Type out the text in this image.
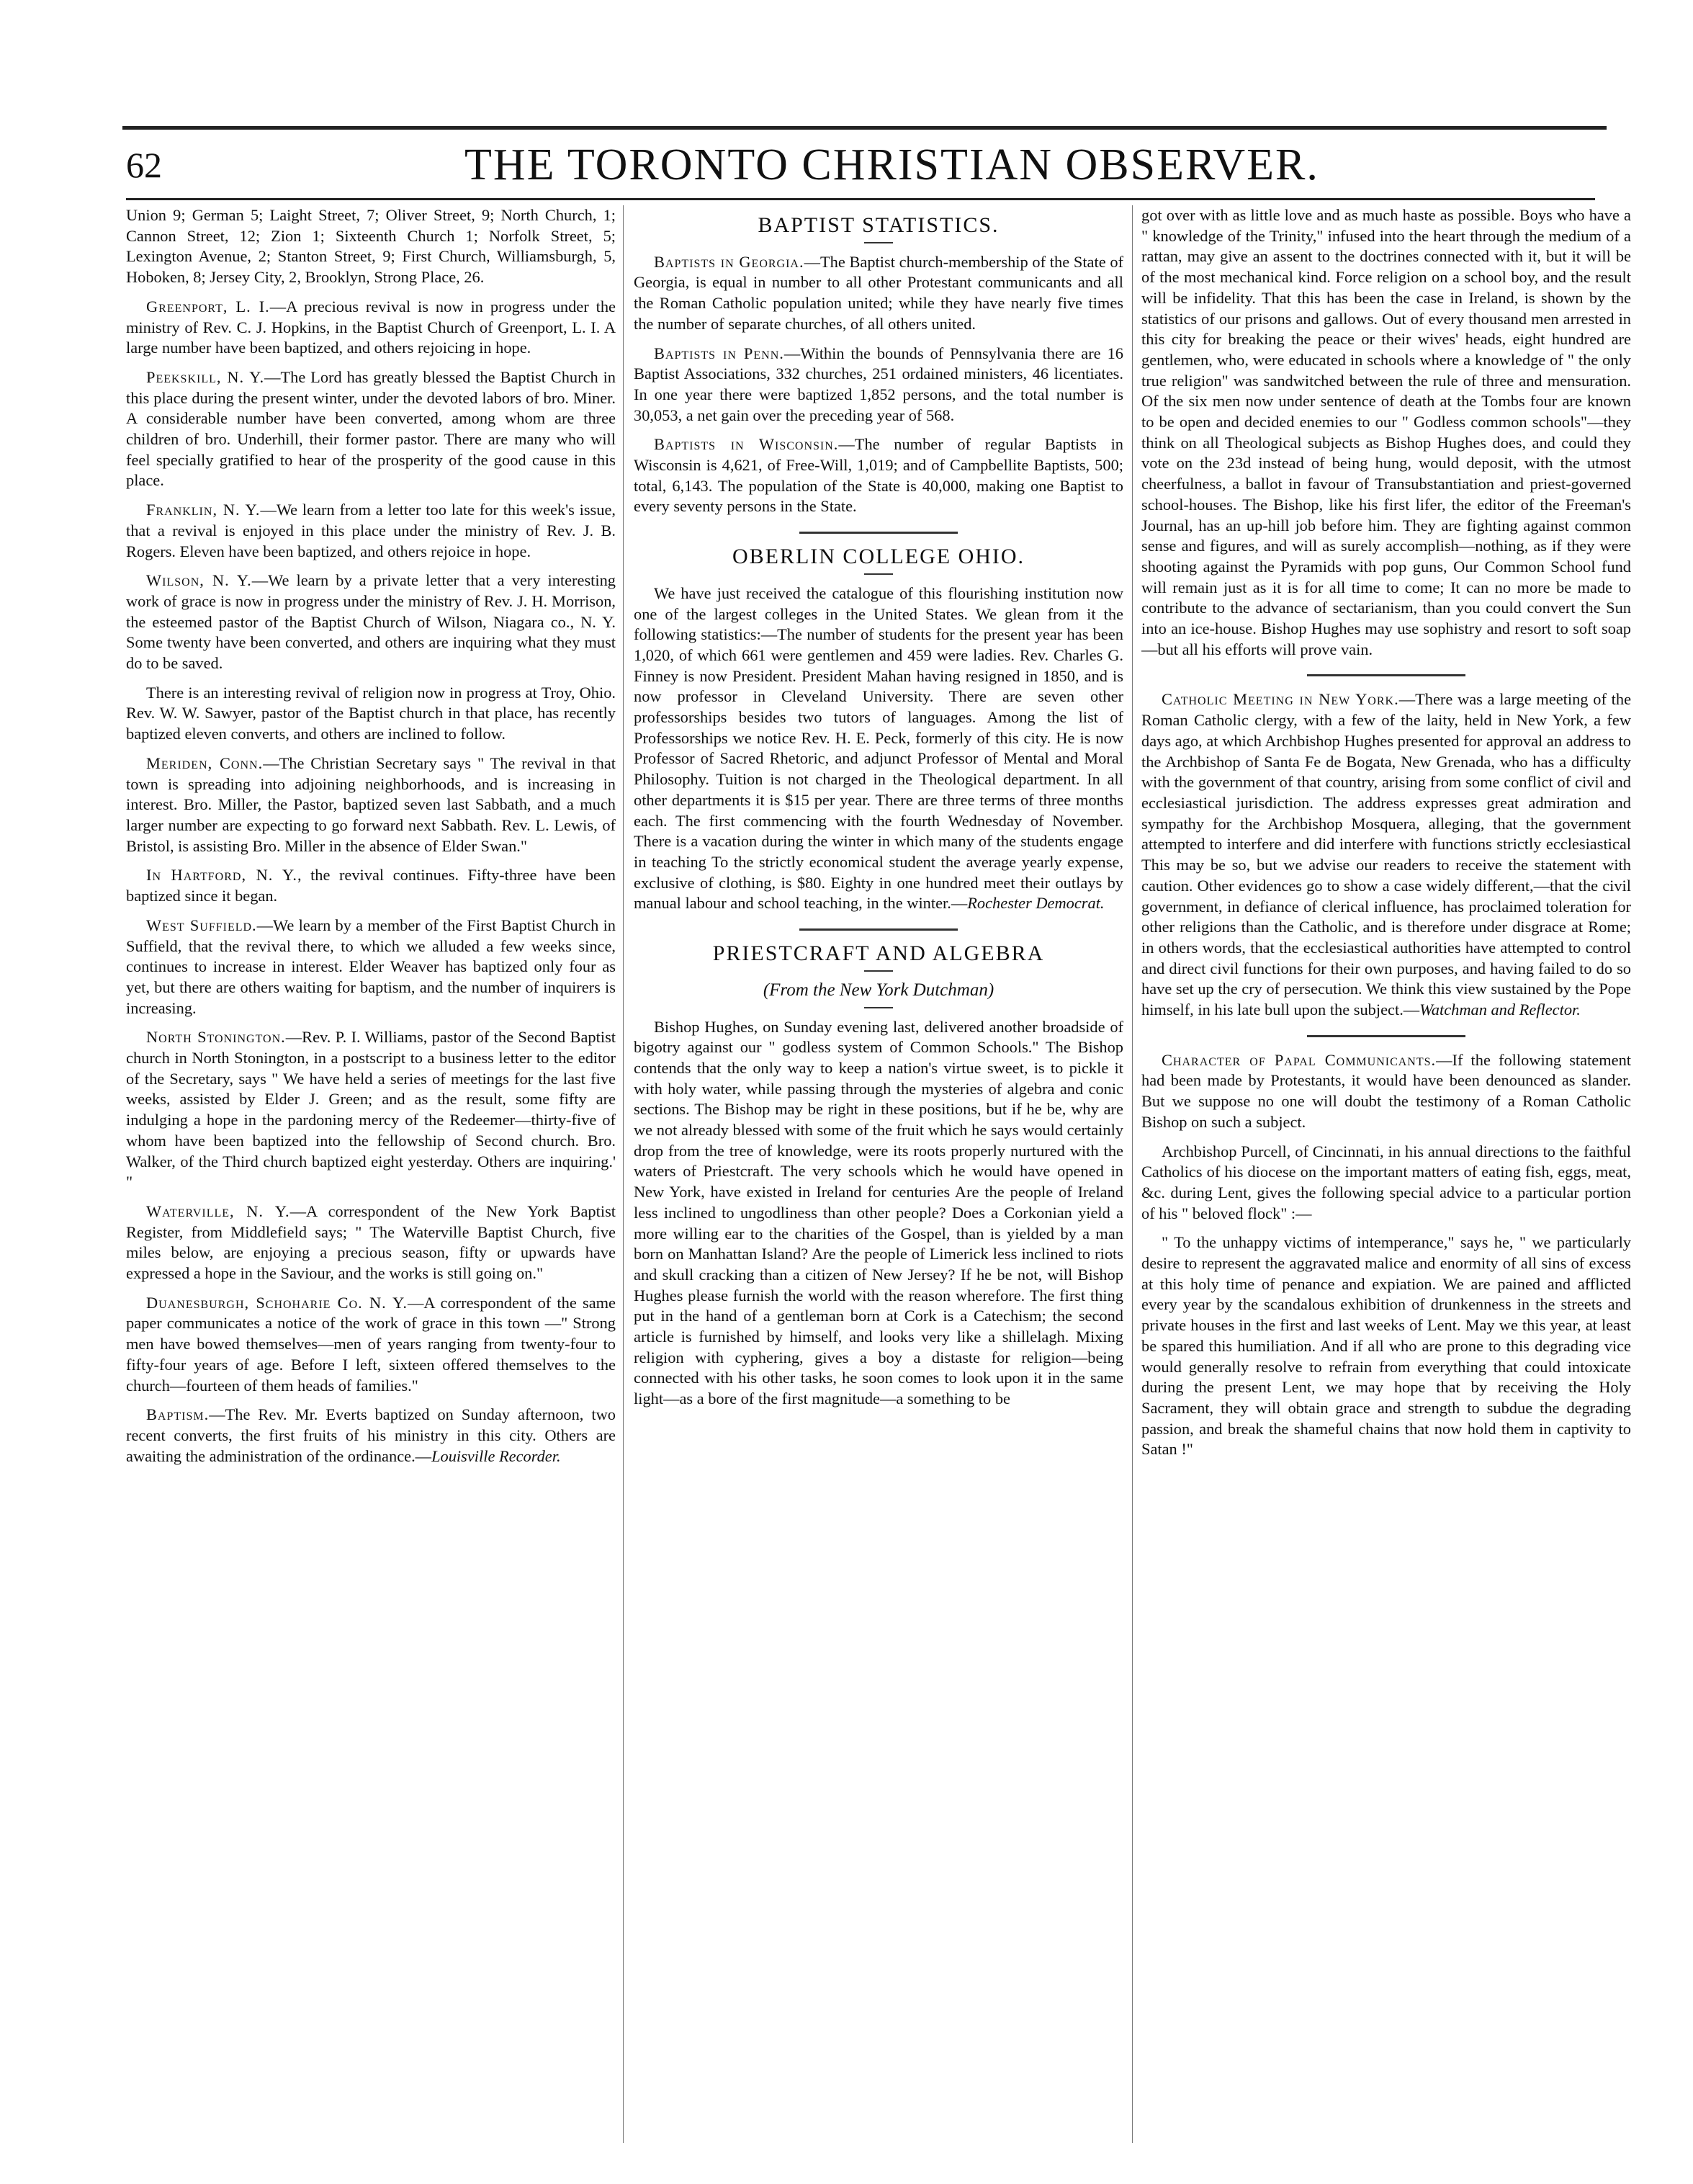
62	THE TORONTO CHRISTIAN OBSERVER.

Union 9; German 5; Laight Street, 7; Oliver Street, 9; North Church, 1; Cannon Street, 12; Zion 1; Sixteenth Church 1; Norfolk Street, 5; Lexington Avenue, 2; Stanton Street, 9; First Church, Williamsburgh, 5, Hoboken, 8; Jersey City, 2, Brooklyn, Strong Place, 26.

Greenport, L. I.—A precious revival is now in progress under the ministry of Rev. C. J. Hopkins, in the Baptist Church of Greenport, L. I. A large number have been baptized, and others rejoicing in hope.

Peekskill, N. Y.—The Lord has greatly blessed the Baptist Church in this place during the present winter, under the devoted labors of bro. Miner. A considerable number have been converted, among whom are three children of bro. Underhill, their former pastor. There are many who will feel specially gratified to hear of the prosperity of the good cause in this place.

Franklin, N. Y.—We learn from a letter too late for this week's issue, that a revival is enjoyed in this place under the ministry of Rev. J. B. Rogers. Eleven have been baptized, and others rejoice in hope.

Wilson, N. Y.—We learn by a private letter that a very interesting work of grace is now in progress under the ministry of Rev. J. H. Morrison, the esteemed pastor of the Baptist Church of Wilson, Niagara co., N. Y. Some twenty have been converted, and others are inquiring what they must do to be saved.

There is an interesting revival of religion now in progress at Troy, Ohio. Rev. W. W. Sawyer, pastor of the Baptist church in that place, has recently baptized eleven converts, and others are inclined to follow.

Meriden, Conn.—The Christian Secretary says " The revival in that town is spreading into adjoining neighborhoods, and is increasing in interest. Bro. Miller, the Pastor, baptized seven last Sabbath, and a much larger number are expecting to go forward next Sabbath. Rev. L. Lewis, of Bristol, is assisting Bro. Miller in the absence of Elder Swan."

In Hartford, N. Y., the revival continues. Fifty-three have been baptized since it began.

West Suffield.—We learn by a member of the First Baptist Church in Suffield, that the revival there, to which we alluded a few weeks since, continues to increase in interest. Elder Weaver has baptized only four as yet, but there are others waiting for baptism, and the number of inquirers is increasing.

North Stonington.—Rev. P. I. Williams, pastor of the Second Baptist church in North Stonington, in a postscript to a business letter to the editor of the Secretary, says " We have held a series of meetings for the last five weeks, assisted by Elder J. Green; and as the result, some fifty are indulging a hope in the pardoning mercy of the Redeemer—thirty-five of whom have been baptized into the fellowship of Second church. Bro. Walker, of the Third church baptized eight yesterday. Others are inquiring.' "

Waterville, N. Y.—A correspondent of the New York Baptist Register, from Middlefield says; " The Waterville Baptist Church, five miles below, are enjoying a precious season, fifty or upwards have expressed a hope in the Saviour, and the works is still going on."

Duanesburgh, Schoharie Co. N. Y.—A correspondent of the same paper communicates a notice of the work of grace in this town —" Strong men have bowed themselves—men of years ranging from twenty-four to fifty-four years of age. Before I left, sixteen offered themselves to the church—fourteen of them heads of families."

Baptism.—The Rev. Mr. Everts baptized on Sunday afternoon, two recent converts, the first fruits of his ministry in this city. Others are awaiting the administration of the ordinance.—Louisville Recorder.

BAPTIST STATISTICS.

Baptists in Georgia.—The Baptist church-membership of the State of Georgia, is equal in number to all other Protestant communicants and all the Roman Catholic population united; while they have nearly five times the number of separate churches, of all others united.

Baptists in Penn.—Within the bounds of Pennsylvania there are 16 Baptist Associations, 332 churches, 251 ordained ministers, 46 licentiates. In one year there were baptized 1,852 persons, and the total number is 30,053, a net gain over the preceding year of 568.

Baptists in Wisconsin.—The number of regular Baptists in Wisconsin is 4,621, of Free-Will, 1,019; and of Campbellite Baptists, 500; total, 6,143. The population of the State is 40,000, making one Baptist to every seventy persons in the State.

OBERLIN COLLEGE OHIO.

We have just received the catalogue of this flourishing institution now one of the largest colleges in the United States. We glean from it the following statistics:—The number of students for the present year has been 1,020, of which 661 were gentlemen and 459 were ladies. Rev. Charles G. Finney is now President. President Mahan having resigned in 1850, and is now professor in Cleveland University. There are seven other professorships besides two tutors of languages. Among the list of Professorships we notice Rev. H. E. Peck, formerly of this city. He is now Professor of Sacred Rhetoric, and adjunct Professor of Mental and Moral Philosophy. Tuition is not charged in the Theological department. In all other departments it is $15 per year. There are three terms of three months each. The first commencing with the fourth Wednesday of November. There is a vacation during the winter in which many of the students engage in teaching To the strictly economical student the average yearly expense, exclusive of clothing, is $80. Eighty in one hundred meet their outlays by manual labour and school teaching, in the winter.—Rochester Democrat.

PRIESTCRAFT AND ALGEBRA
(From the New York Dutchman)

Bishop Hughes, on Sunday evening last, delivered another broadside of bigotry against our " godless system of Common Schools." The Bishop contends that the only way to keep a nation's virtue sweet, is to pickle it with holy water, while passing through the mysteries of algebra and conic sections. The Bishop may be right in these positions, but if he be, why are we not already blessed with some of the fruit which he says would certainly drop from the tree of knowledge, were its roots properly nurtured with the waters of Priestcraft. The very schools which he would have opened in New York, have existed in Ireland for centuries Are the people of Ireland less inclined to ungodliness than other people? Does a Corkonian yield a more willing ear to the charities of the Gospel, than is yielded by a man born on Manhattan Island? Are the people of Limerick less inclined to riots and skull cracking than a citizen of New Jersey? If he be not, will Bishop Hughes please furnish the world with the reason wherefore. The first thing put in the hand of a gentleman born at Cork is a Catechism; the second article is furnished by himself, and looks very like a shillelagh. Mixing religion with cyphering, gives a boy a distaste for religion—being connected with his other tasks, he soon comes to look upon it in the same light—as a bore of the first magnitude—a something to be

got over with as little love and as much haste as possible. Boys who have a " knowledge of the Trinity," infused into the heart through the medium of a rattan, may give an assent to the doctrines connected with it, but it will be of the most mechanical kind. Force religion on a school boy, and the result will be infidelity. That this has been the case in Ireland, is shown by the statistics of our prisons and gallows. Out of every thousand men arrested in this city for breaking the peace or their wives' heads, eight hundred are gentlemen, who, were educated in schools where a knowledge of " the only true religion" was sandwitched between the rule of three and mensuration. Of the six men now under sentence of death at the Tombs four are known to be open and decided enemies to our " Godless common schools"—they think on all Theological subjects as Bishop Hughes does, and could they vote on the 23d instead of being hung, would deposit, with the utmost cheerfulness, a ballot in favour of Transubstantiation and priest-governed school-houses. The Bishop, like his first lifer, the editor of the Freeman's Journal, has an up-hill job before him. They are fighting against common sense and figures, and will as surely accomplish—nothing, as if they were shooting against the Pyramids with pop guns, Our Common School fund will remain just as it is for all time to come; It can no more be made to contribute to the advance of sectarianism, than you could convert the Sun into an ice-house. Bishop Hughes may use sophistry and resort to soft soap—but all his efforts will prove vain.

Catholic Meeting in New York.—There was a large meeting of the Roman Catholic clergy, with a few of the laity, held in New York, a few days ago, at which Archbishop Hughes presented for approval an address to the Archbishop of Santa Fe de Bogata, New Grenada, who has a difficulty with the government of that country, arising from some conflict of civil and ecclesiastical jurisdiction. The address expresses great admiration and sympathy for the Archbishop Mosquera, alleging, that the government attempted to interfere and did interfere with functions strictly ecclesiastical This may be so, but we advise our readers to receive the statement with caution. Other evidences go to show a case widely different,—that the civil government, in defiance of clerical influence, has proclaimed toleration for other religions than the Catholic, and is therefore under disgrace at Rome; in others words, that the ecclesiastical authorities have attempted to control and direct civil functions for their own purposes, and having failed to do so have set up the cry of persecution. We think this view sustained by the Pope himself, in his late bull upon the subject.—Watchman and Reflector.

Character of Papal Communicants.—If the following statement had been made by Protestants, it would have been denounced as slander. But we suppose no one will doubt the testimony of a Roman Catholic Bishop on such a subject.

Archbishop Purcell, of Cincinnati, in his annual directions to the faithful Catholics of his diocese on the important matters of eating fish, eggs, meat, &c. during Lent, gives the following special advice to a particular portion of his " beloved flock" :—

" To the unhappy victims of intemperance," says he, " we particularly desire to represent the aggravated malice and enormity of all sins of excess at this holy time of penance and expiation. We are pained and afflicted every year by the scandalous exhibition of drunkenness in the streets and private houses in the first and last weeks of Lent. May we this year, at least be spared this humiliation. And if all who are prone to this degrading vice would generally resolve to refrain from everything that could intoxicate during the present Lent, we may hope that by receiving the Holy Sacrament, they will obtain grace and strength to subdue the degrading passion, and break the shameful chains that now hold them in captivity to Satan !"
